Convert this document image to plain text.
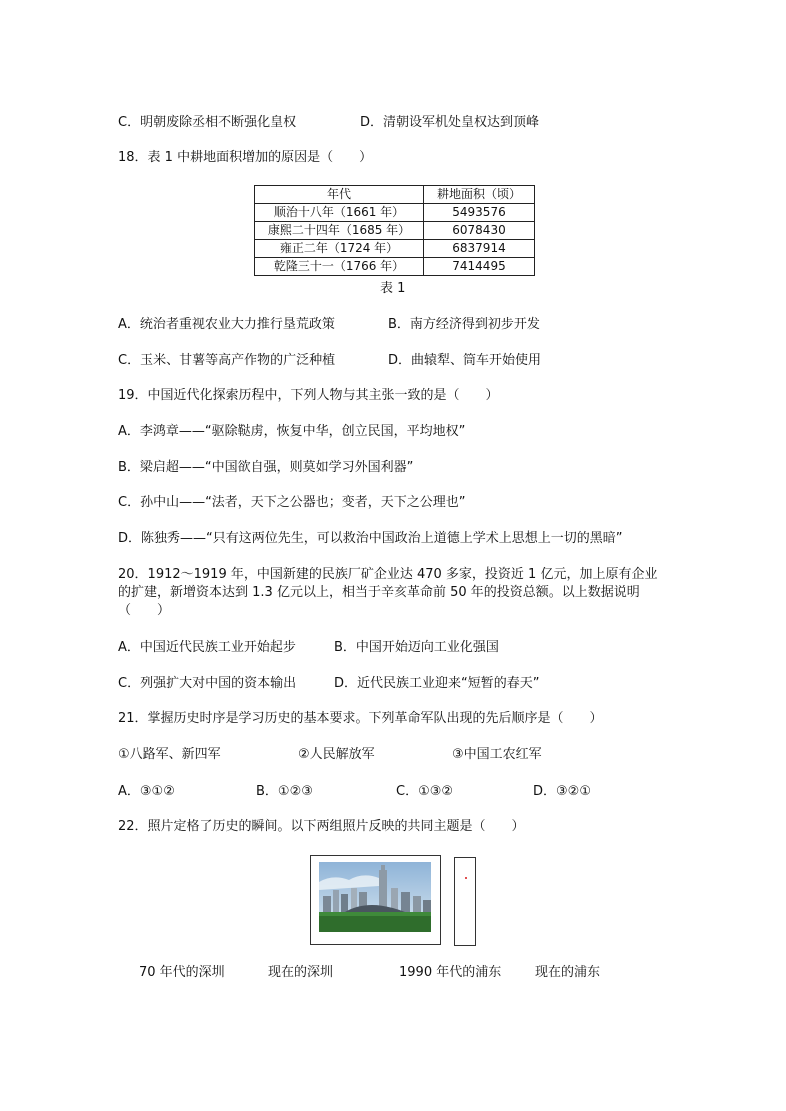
C．明朝废除丞相不断强化皇权	D．清朝设军机处皇权达到顶峰
18．表 1 中耕地面积增加的原因是（　　）
年代	耕地面积（顷）
顺治十八年（1661 年）	5493576
康熙二十四年（1685 年）	6078430
雍正二年（1724 年）	6837914
乾隆三十一（1766 年）	7414495
表 1
A．统治者重视农业大力推行垦荒政策	B．南方经济得到初步开发
C．玉米、甘薯等高产作物的广泛种植	D．曲辕犁、筒车开始使用
19．中国近代化探索历程中，下列人物与其主张一致的是（　　）
A．李鸿章——“驱除鞑虏，恢复中华，创立民国，平均地权”
B．梁启超——“中国欲自强，则莫如学习外国利器”
C．孙中山——“法者，天下之公器也；变者，天下之公理也”
D．陈独秀——“只有这两位先生，可以救治中国政治上道德上学术上思想上一切的黑暗”
20．1912～1919 年，中国新建的民族厂矿企业达 470 多家，投资近 1 亿元，加上原有企业
的扩建，新增资本达到 1.3 亿元以上，相当于辛亥革命前 50 年的投资总额。以上数据说明
（　　）
A．中国近代民族工业开始起步	B．中国开始迈向工业化强国
C．列强扩大对中国的资本输出	D．近代民族工业迎来“短暂的春天”
21．掌握历史时序是学习历史的基本要求。下列革命军队出现的先后顺序是（　　）
①八路军、新四军	②人民解放军	③中国工农红军
A．③①②	B．①②③	C．①③②	D．③②①
22．照片定格了历史的瞬间。以下两组照片反映的共同主题是（　　）
70 年代的深圳	现在的深圳	1990 年代的浦东	现在的浦东
